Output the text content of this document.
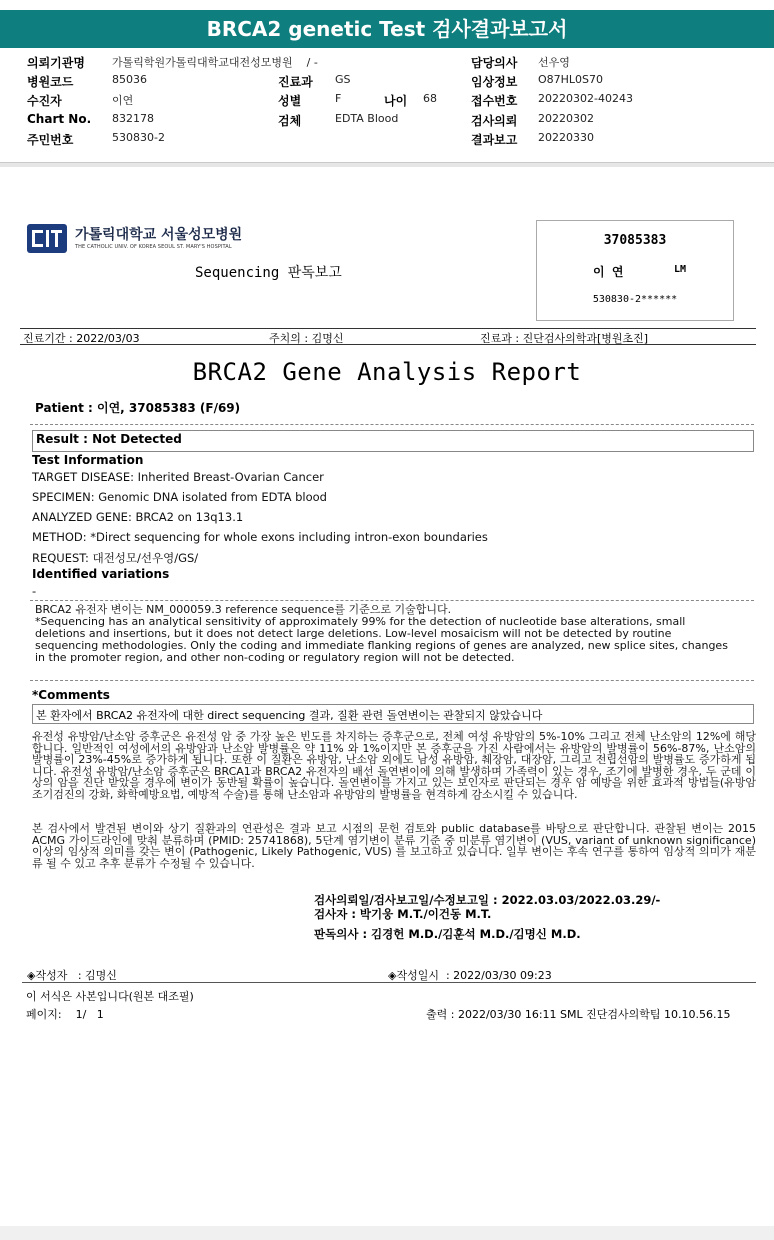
BRCA2 genetic Test 검사결과보고서
의뢰기관명 가톨릭학원가톨릭대학교대전성모병원    / -
병원코드	85036
수진자	이연
Chart No. 832178
주민번호	530830-2
진료과 GS
성별	F	나이 68
검체	EDTA Blood
담당의사 선우영
임상정보 O87HL0S70
접수번호 20220302-40243
검사의뢰 20220302
결과보고 20220330
가톨릭대학교 서울성모병원
THE CATHOLIC UNIV. OF KOREA SEOUL ST. MARY'S HOSPITAL
Sequencing 판독보고
37085383
이 연	LM
530830-2******
진료기간 : 2022/03/03	주치의 : 김명신	진료과 : 진단검사의학과[병원초진]
BRCA2 Gene Analysis Report
Patient : 이연, 37085383 (F/69)
Result : Not Detected
Test Information
TARGET DISEASE: Inherited Breast-Ovarian Cancer
SPECIMEN: Genomic DNA isolated from EDTA blood
ANALYZED GENE: BRCA2 on 13q13.1
METHOD: *Direct sequencing for whole exons including intron-exon boundaries
REQUEST: 대전성모/선우영/GS/
Identified variations
-
BRCA2 유전자 변이는 NM_000059.3 reference sequence를 기준으로 기술합니다.
*Sequencing has an analytical sensitivity of approximately 99% for the detection of nucleotide base alterations, small deletions and insertions, but it does not detect large deletions. Low-level mosaicism will not be detected by routine sequencing methodologies. Only the coding and immediate flanking regions of genes are analyzed, new splice sites, changes in the promoter region, and other non-coding or regulatory region will not be detected.
*Comments
본 환자에서 BRCA2 유전자에 대한 direct sequencing 결과, 질환 관련 돌연변이는 관찰되지 않았습니다
유전성 유방암/난소암 증후군은 유전성 암 중 가장 높은 빈도를 차지하는 증후군으로, 전체 여성 유방암의 5%-10% 그리고 전체 난소암의 12%에 해당합니다. 일반적인 여성에서의 유방암과 난소암 발병률은 약 11% 와 1%이지만 본 증후군을 가진 사람에서는 유방암의 발병률이 56%-87%, 난소암의 발병률이 23%-45%로 증가하게 됩니다. 또한 이 질환은 유방암, 난소암 외에도 남성 유방암, 췌장암, 대장암, 그리고 전립선암의 발병률도 증가하게 됩니다. 유전성 유방암/난소암 증후군은 BRCA1과 BRCA2 유전자의 배선 돌연변이에 의해 발생하며 가족력이 있는 경우, 조기에 발병한 경우, 두 군데 이상의 암을 진단 받았을 경우에 변이가 동반될 확률이 높습니다. 돌연변이를 가지고 있는 보인자로 판단되는 경우 암 예방을 위한 효과적 방법들(유방암 조기검진의 강화, 화학예방요법, 예방적 수술)를 통해 난소암과 유방암의 발병률을 현격하게 감소시킬 수 있습니다.
본 검사에서 발견된 변이와 상기 질환과의 연관성은 결과 보고 시점의 문헌 검토와 public database를 바탕으로 판단합니다. 관찰된 변이는 2015 ACMG 가이드라인에 맞춰 분류하며 (PMID: 25741868), 5단계 염기변이 분류 기준 중 미분류 염기변이 (VUS, variant of unknown significance) 이상의 임상적 의미를 갖는 변이 (Pathogenic, Likely Pathogenic, VUS) 를 보고하고 있습니다. 일부 변이는 후속 연구를 통하여 임상적 의미가 재분류 될 수 있고 추후 분류가 수정될 수 있습니다.
검사의뢰일/검사보고일/수정보고일 : 2022.03.03/2022.03.29/-
검사자 : 박기웅 M.T./이건동 M.T.
판독의사 : 김경헌 M.D./김훈석 M.D./김명신 M.D.
◈작성자   : 김명신	◈작성일시  : 2022/03/30 09:23
이 서식은 사본입니다(원본 대조필)
페이지:    1/   1	출력 : 2022/03/30 16:11 SML 진단검사의학팀 10.10.56.15
